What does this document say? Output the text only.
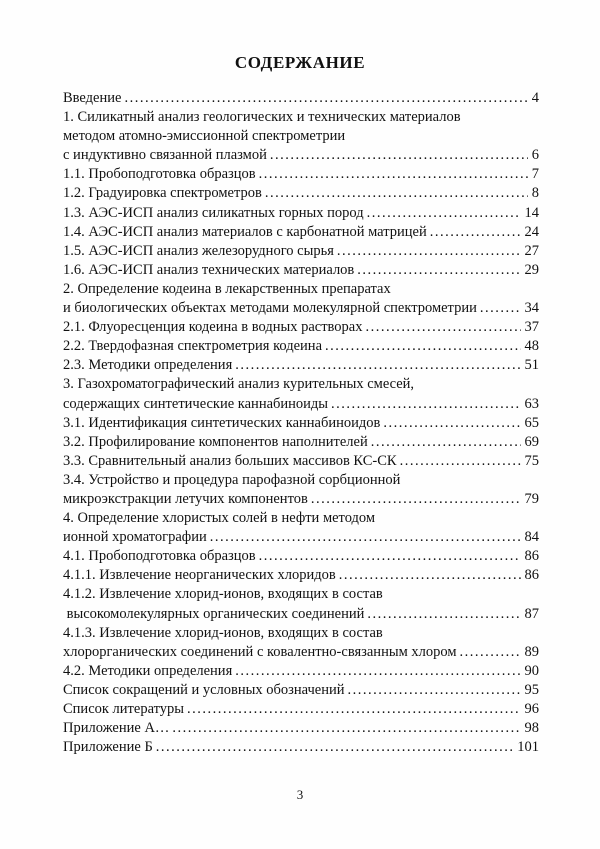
СОДЕРЖАНИЕ
Введение .....	4
1. Силикатный анализ геологических и технических материалов
методом атомно-эмиссионной спектрометрии
с индуктивно связанной плазмой .....	6
1.1. Пробоподготовка образцов .....	7
1.2. Градуировка спектрометров .....	8
1.3. АЭС-ИСП анализ силикатных горных пород .....	14
1.4. АЭС-ИСП анализ материалов с карбонатной матрицей .....	24
1.5. АЭС-ИСП анализ железорудного сырья .....	27
1.6. АЭС-ИСП анализ технических материалов .....	29
2. Определение кодеина в лекарственных препаратах
и биологических объектах методами молекулярной спектрометрии .....	34
2.1. Флуоресценция кодеина в водных растворах .....	37
2.2. Твердофазная спектрометрия кодеина .....	48
2.3. Методики определения .....	51
3. Газохроматографический анализ курительных смесей,
содержащих синтетические каннабиноиды .....	63
3.1. Идентификация синтетических каннабиноидов .....	65
3.2. Профилирование компонентов наполнителей .....	69
3.3. Сравнительный анализ больших массивов КС-СК .....	75
3.4. Устройство и процедура парофазной сорбционной
микроэкстракции летучих компонентов .....	79
4. Определение хлористых солей в нефти методом
ионной хроматографии .....	84
4.1. Пробоподготовка образцов .....	86
4.1.1. Извлечение неорганических хлоридов .....	86
4.1.2. Извлечение хлорид-ионов, входящих в состав
высокомолекулярных органических соединений .....	87
4.1.3. Извлечение хлорид-ионов, входящих в состав
хлорорганических соединений с ковалентно-связанным хлором .....	89
4.2. Методики определения .....	90
Список сокращений и условных обозначений .....	95
Список литературы .....	96
Приложение А… .....	98
Приложение Б .....	101
3
